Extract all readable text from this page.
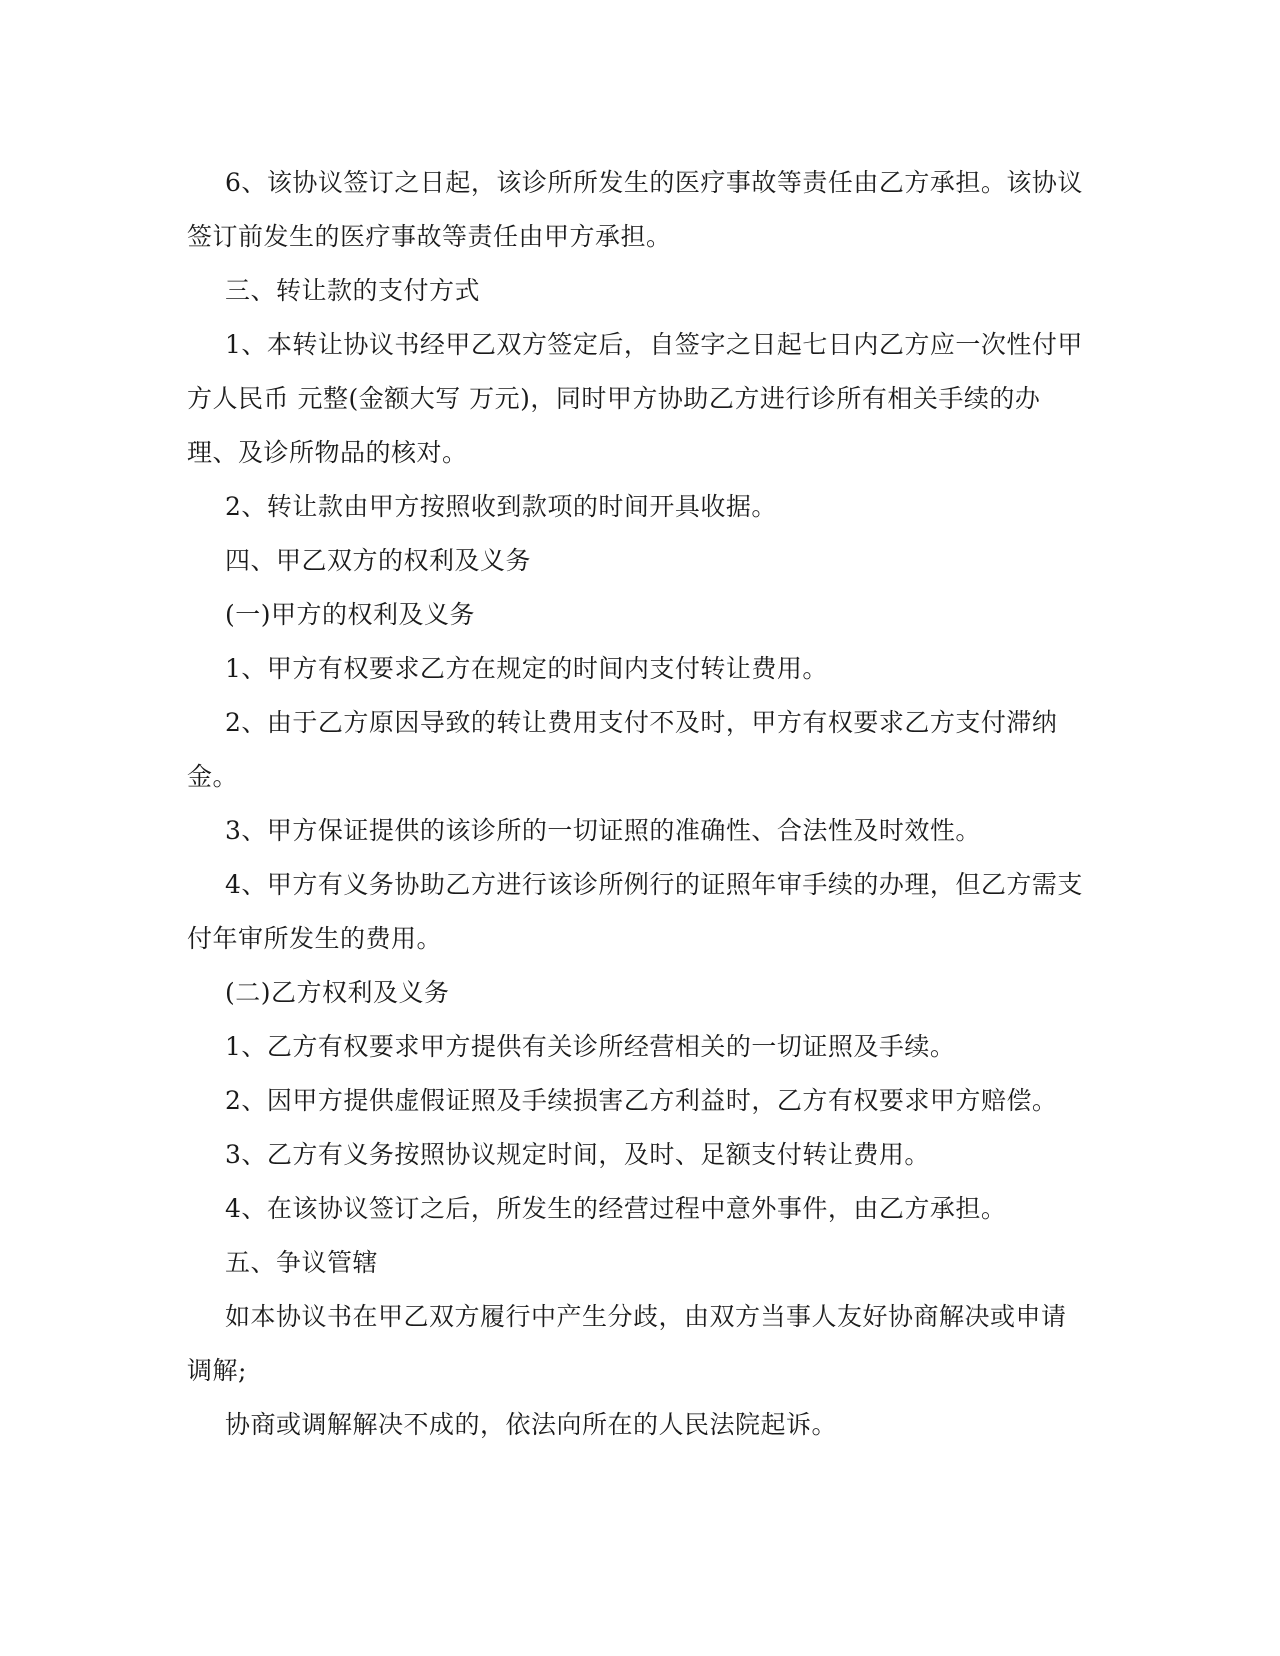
6、该协议签订之日起，该诊所所发生的医疗事故等责任由乙方承担。该协议签订前发生的医疗事故等责任由甲方承担。

三、转让款的支付方式

1、本转让协议书经甲乙双方签定后，自签字之日起七日内乙方应一次性付甲方人民币 元整(金额大写 万元)，同时甲方协助乙方进行诊所有相关手续的办理、及诊所物品的核对。

2、转让款由甲方按照收到款项的时间开具收据。

四、甲乙双方的权利及义务

(一)甲方的权利及义务

1、甲方有权要求乙方在规定的时间内支付转让费用。

2、由于乙方原因导致的转让费用支付不及时，甲方有权要求乙方支付滞纳金。

3、甲方保证提供的该诊所的一切证照的准确性、合法性及时效性。

4、甲方有义务协助乙方进行该诊所例行的证照年审手续的办理，但乙方需支付年审所发生的费用。

(二)乙方权利及义务

1、乙方有权要求甲方提供有关诊所经营相关的一切证照及手续。

2、因甲方提供虚假证照及手续损害乙方利益时，乙方有权要求甲方赔偿。

3、乙方有义务按照协议规定时间，及时、足额支付转让费用。

4、在该协议签订之后，所发生的经营过程中意外事件，由乙方承担。

五、争议管辖

如本协议书在甲乙双方履行中产生分歧，由双方当事人友好协商解决或申请调解;

协商或调解解决不成的，依法向所在的人民法院起诉。
